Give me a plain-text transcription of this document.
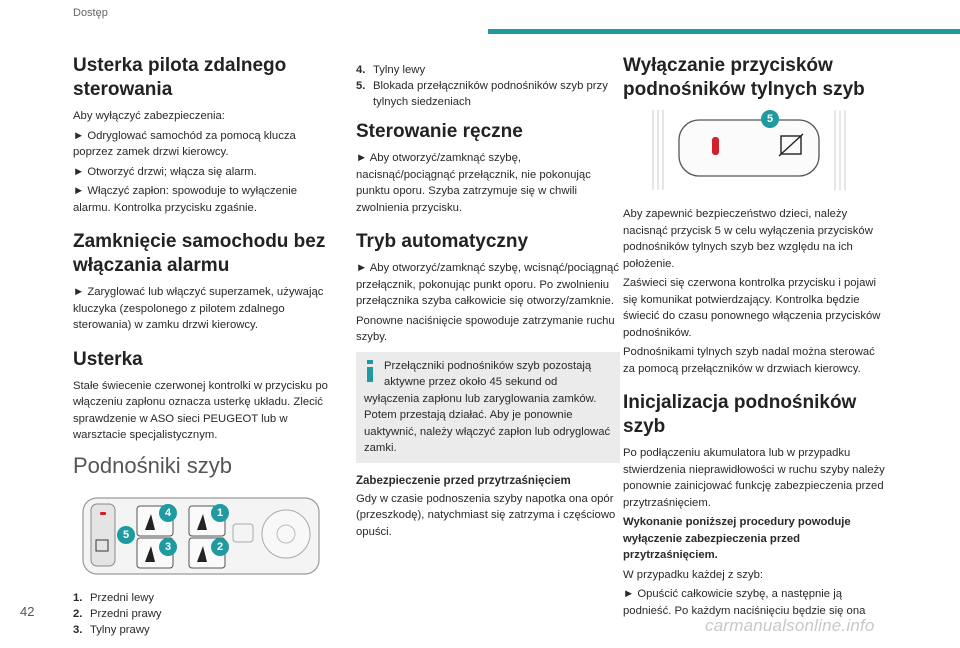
Dostęp
Usterka pilota zdalnego sterowania

Aby wyłączyć zabezpieczenia:

► Odryglować samochód za pomocą klucza poprzez zamek drzwi kierowcy.

► Otworzyć drzwi; włącza się alarm.

► Włączyć zapłon: spowoduje to wyłączenie alarmu. Kontrolka przycisku zgaśnie.

Zamknięcie samochodu bez włączania alarmu

► Zaryglować lub włączyć superzamek, używając kluczyka (zespolonego z pilotem zdalnego sterowania) w zamku drzwi kierowcy.

Usterka

Stałe świecenie czerwonej kontrolki w przycisku po włączeniu zapłonu oznacza usterkę układu. Zlecić sprawdzenie w ASO sieci PEUGEOT lub w warsztacie specjalistycznym.

Podnośniki szyb
1
2
3
4
5
1. Przedni lewy
2. Przedni prawy
3. Tylny prawy
4. Tylny lewy
5. Blokada przełączników podnośników szyb przy tylnych siedzeniach
Sterowanie ręczne

► Aby otworzyć/zamknąć szybę, nacisnąć/pociągnąć przełącznik, nie pokonując punktu oporu. Szyba zatrzymuje się w chwili zwolnienia przycisku.

Tryb automatyczny

► Aby otworzyć/zamknąć szybę, wcisnąć/pociągnąć przełącznik, pokonując punkt oporu. Po zwolnieniu przełącznika szyba całkowicie się otworzy/zamknie.

Ponowne naciśnięcie spowoduje zatrzymanie ruchu szyby.

Przełączniki podnośników szyb pozostają aktywne przez około 45 sekund od wyłączenia zapłonu lub zaryglowania zamków.
Potem przestają działać. Aby je ponownie uaktywnić, należy włączyć zapłon lub odryglować zamki.
Zabezpieczenie przed przytrzaśnięciem

Gdy w czasie podnoszenia szyby napotka ona opór (przeszkodę), natychmiast się zatrzyma i częściowo opuści.

Wyłączanie przycisków podnośników tylnych szyb
5

Aby zapewnić bezpieczeństwo dzieci, należy nacisnąć przycisk 5 w celu wyłączenia przycisków podnośników tylnych szyb bez względu na ich położenie.

Zaświeci się czerwona kontrolka przycisku i pojawi się komunikat potwierdzający. Kontrolka będzie świecić do czasu ponownego włączenia przycisków podnośników.

Podnośnikami tylnych szyb nadal można sterować za pomocą przełączników w drzwiach kierowcy.

Inicjalizacja podnośników szyb

Po podłączeniu akumulatora lub w przypadku stwierdzenia nieprawidłowości w ruchu szyby należy ponownie zainicjować funkcję zabezpieczenia przed przytrzaśnięciem.

Wykonanie poniższej procedury powoduje wyłączenie zabezpieczenia przed przytrzaśnięciem.

W przypadku każdej z szyb:

► Opuścić całkowicie szybę, a następnie ją podnieść. Po każdym naciśnięciu będzie się ona

42
carmanualsonline.info
